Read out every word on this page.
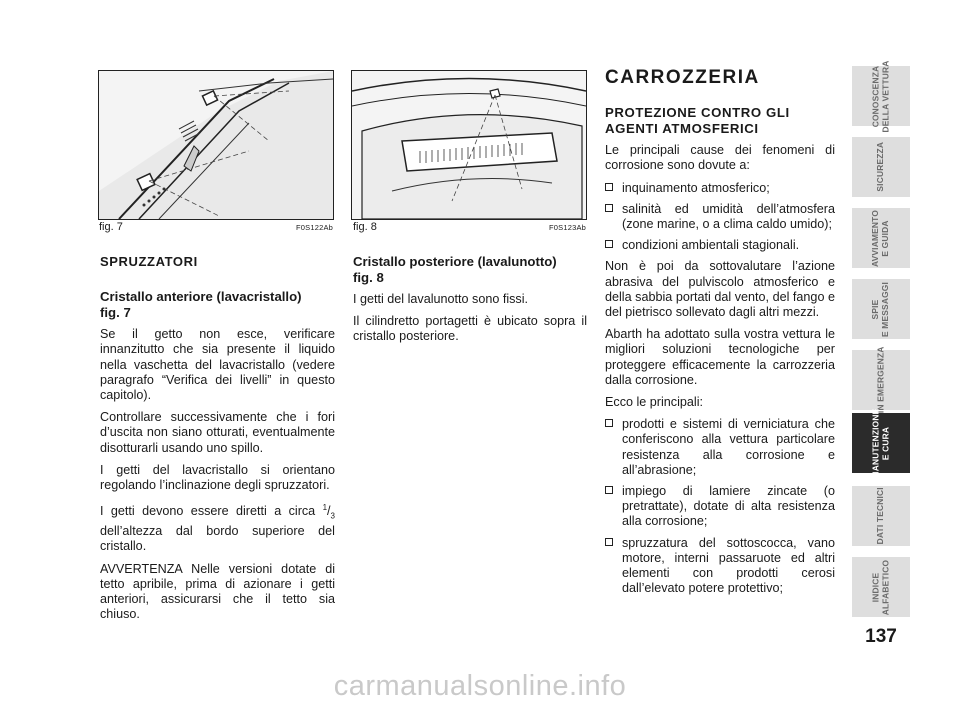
fig. 7	F0S122Ab fig. 8	F0S123Ab
SPRUZZATORI
Cristallo anteriore (lavacristallo)
fig. 7

Se il getto non esce, verificare innanzitutto che sia presente il liquido nella vaschetta del lavacristallo (vedere paragrafo “Verifica dei livelli” in questo capitolo).

Controllare successivamente che i fori d’uscita non siano otturati, eventualmente disotturarli usando uno spillo.

I getti del lavacristallo si orientano regolando l’inclinazione degli spruzzatori.

I getti devono essere diretti a circa $^1/_3$ dell’altezza dal bordo superiore del cristallo.

AVVERTENZA Nelle versioni dotate di tetto apribile, prima di azionare i getti anteriori, assicurarsi che il tetto sia chiuso.

Cristallo posteriore (lavalunotto)
fig. 8

I getti del lavalunotto sono fissi.

Il cilindretto portagetti è ubicato sopra il cristallo posteriore.

CARROZZERIA
PROTEZIONE CONTRO GLI
AGENTI ATMOSFERICI

Le principali cause dei fenomeni di corrosione sono dovute a:

inquinamento atmosferico;
salinità ed umidità dell’atmosfera (zone marine, o a clima caldo umido);
condizioni ambientali stagionali.

Non è poi da sottovalutare l’azione abrasiva del pulviscolo atmosferico e della sabbia portati dal vento, del fango e del pietrisco sollevato dagli altri mezzi.

Abarth ha adottato sulla vostra vettura le migliori soluzioni tecnologiche per proteggere efficacemente la carrozzeria dalla corrosione.

Ecco le principali:

prodotti e sistemi di verniciatura che conferiscono alla vettura particolare resistenza alla corrosione e all’abrasione;
impiego di lamiere zincate (o pretrattate), dotate di alta resistenza alla corrosione;
spruzzatura del sottoscocca, vano motore, interni passaruote ed altri elementi con prodotti cerosi dall’elevato potere protettivo;
CONOSCENZA
DELLA VETTURA
SICUREZZA
AVVIAMENTO
E GUIDA
SPIE
E MESSAGGI
IN EMERGENZA
MANUTENZIONE
E CURA
DATI TECNICI
INDICE
ALFABETICO
137
carmanualsonline.info
